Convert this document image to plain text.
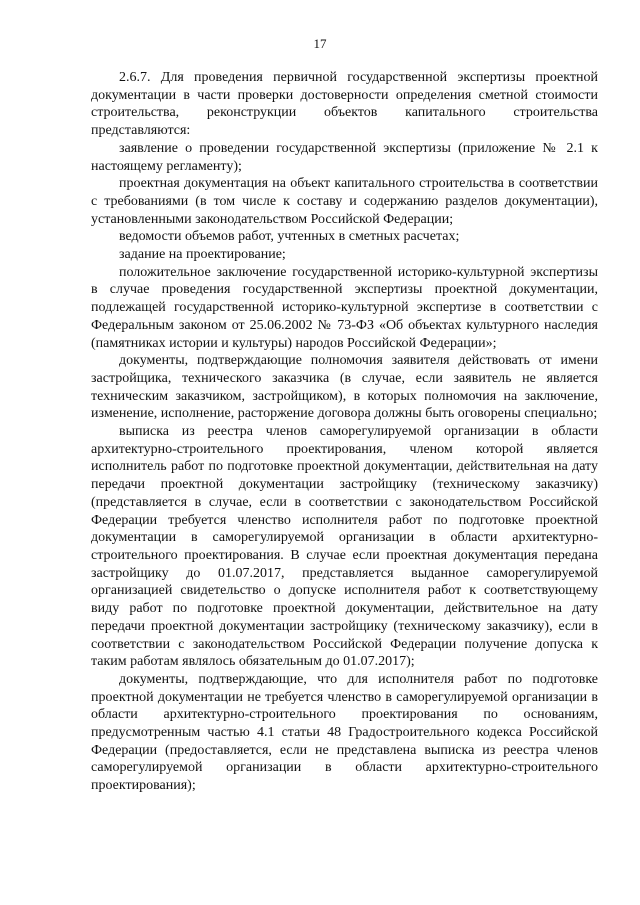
17

2.6.7. Для проведения первичной государственной экспертизы проектной документации в части проверки достоверности определения сметной стоимости строительства, реконструкции объектов капитального строительства представляются:

заявление о проведении государственной экспертизы (приложение № 2.1 к настоящему регламенту);

проектная документация на объект капитального строительства в соответствии с требованиями (в том числе к составу и содержанию разделов документации), установленными законодательством Российской Федерации;

ведомости объемов работ, учтенных в сметных расчетах;

задание на проектирование;

положительное заключение государственной историко-культурной экспертизы в случае проведения государственной экспертизы проектной документации, подлежащей государственной историко-культурной экспертизе в соответствии с Федеральным законом от 25.06.2002 № 73-ФЗ «Об объектах культурного наследия (памятниках истории и культуры) народов Российской Федерации»;

документы, подтверждающие полномочия заявителя действовать от имени застройщика, технического заказчика (в случае, если заявитель не является техническим заказчиком, застройщиком), в которых полномочия на заключение, изменение, исполнение, расторжение договора должны быть оговорены специально;

выписка из реестра членов саморегулируемой организации в области архитектурно-строительного проектирования, членом которой является исполнитель работ по подготовке проектной документации, действительная на дату передачи проектной документации застройщику (техническому заказчику) (представляется в случае, если в соответствии с законодательством Российской Федерации требуется членство исполнителя работ по подготовке проектной документации в саморегулируемой организации в области архитектурно-строительного проектирования. В случае если проектная документация передана застройщику до 01.07.2017, представляется выданное саморегулируемой организацией свидетельство о допуске исполнителя работ к соответствующему виду работ по подготовке проектной документации, действительное на дату передачи проектной документации застройщику (техническому заказчику), если в соответствии с законодательством Российской Федерации получение допуска к таким работам являлось обязательным до 01.07.2017);

документы, подтверждающие, что для исполнителя работ по подготовке проектной документации не требуется членство в саморегулируемой организации в области архитектурно-строительного проектирования по основаниям, предусмотренным частью 4.1 статьи 48 Градостроительного кодекса Российской Федерации (предоставляется, если не представлена выписка из реестра членов саморегулируемой организации в области архитектурно-строительного проектирования);
